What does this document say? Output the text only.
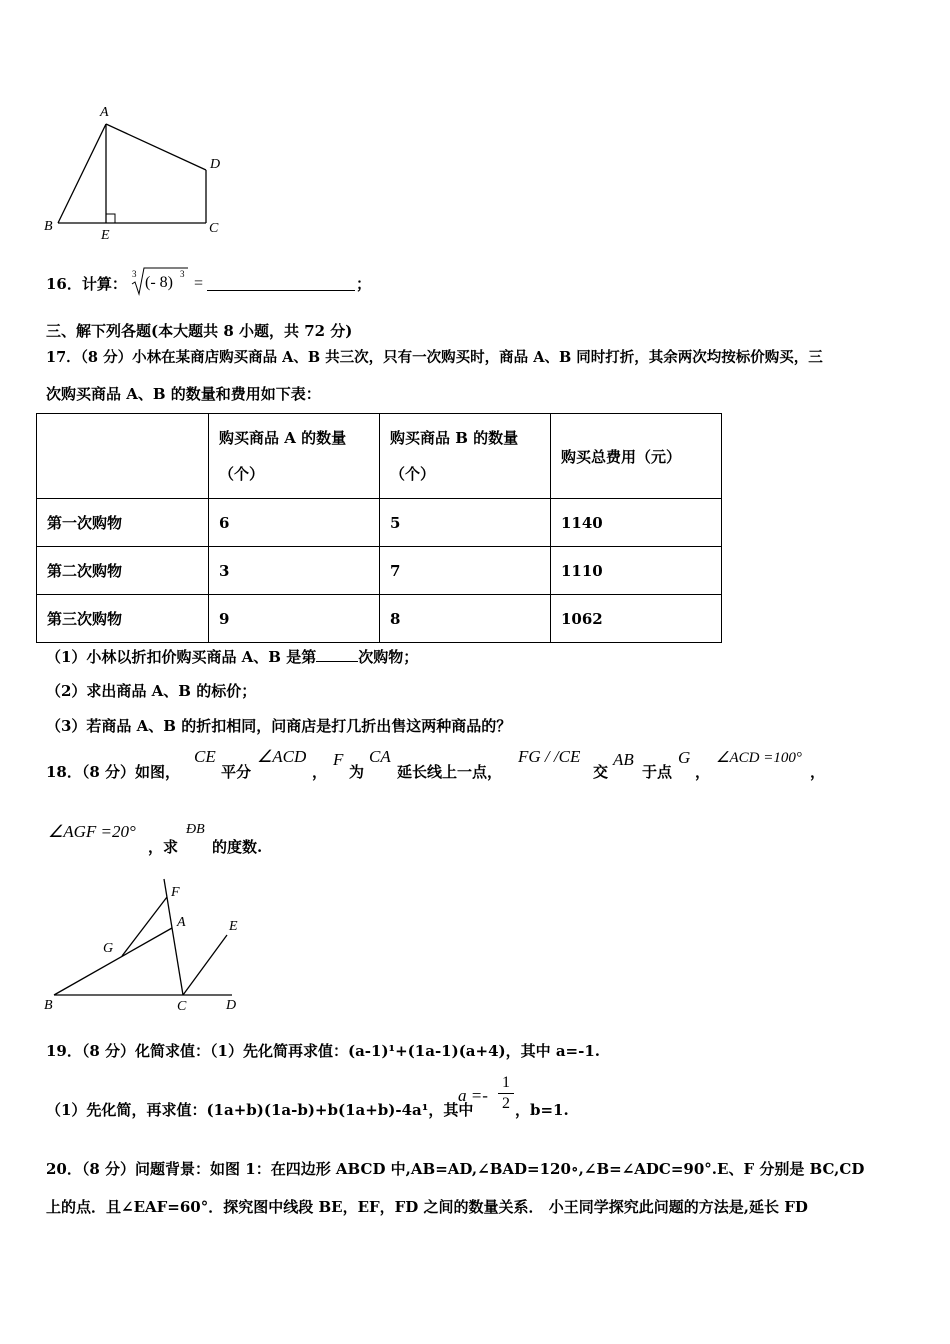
A
B	C
D
E
16．计算：
3 (- 8) 3
=	；
三、解下列各题(本大题共 8 小题，共 72 分)
17．（8 分）小林在某商店购买商品 A、B 共三次，只有一次购买时，商品 A、B 同时打折，其余两次均按标价购买，三
次购买商品 A、B 的数量和费用如下表：

	购买商品 A 的数量
（个）	购买商品 B 的数量
（个）	购买总费用（元）
第一次购物	6	5	1140
第二次购物	3	7	1110
第三次购物	9	8	1062
（1）小林以折扣价购买商品 A、B 是第	次购物；
（2）求出商品 A、B 的标价；
（3）若商品 A、B 的折扣相同，问商店是打几折出售这两种商品的？
18．（8 分）如图，
CE
平分
∠ACD
，
F
为
CA
延长线上一点，
FG / /CE
交
AB
于点
G
，
∠ACD =100°
，
∠AGF =20°
，求
ÐB
的度数.
F
A	E
G
B	C	D
19．（8 分）化简求值：（1）先化简再求值：(a-1)¹+(1a-1)(a+4)，其中 a=-1.
（1）先化简，再求值：(1a+b)(1a-b)+b(1a+b)-4a¹，其中
a =-
1
2 ，b=1.
20．（8 分）问题背景：如图 1：在四边形 ABCD 中,AB=AD,∠BAD=120∘,∠B=∠ADC=90°.E、F 分别是 BC,CD
上的点．且∠EAF=60°．探究图中线段 BE，EF，FD 之间的数量关系． 小王同学探究此问题的方法是,延长 FD
